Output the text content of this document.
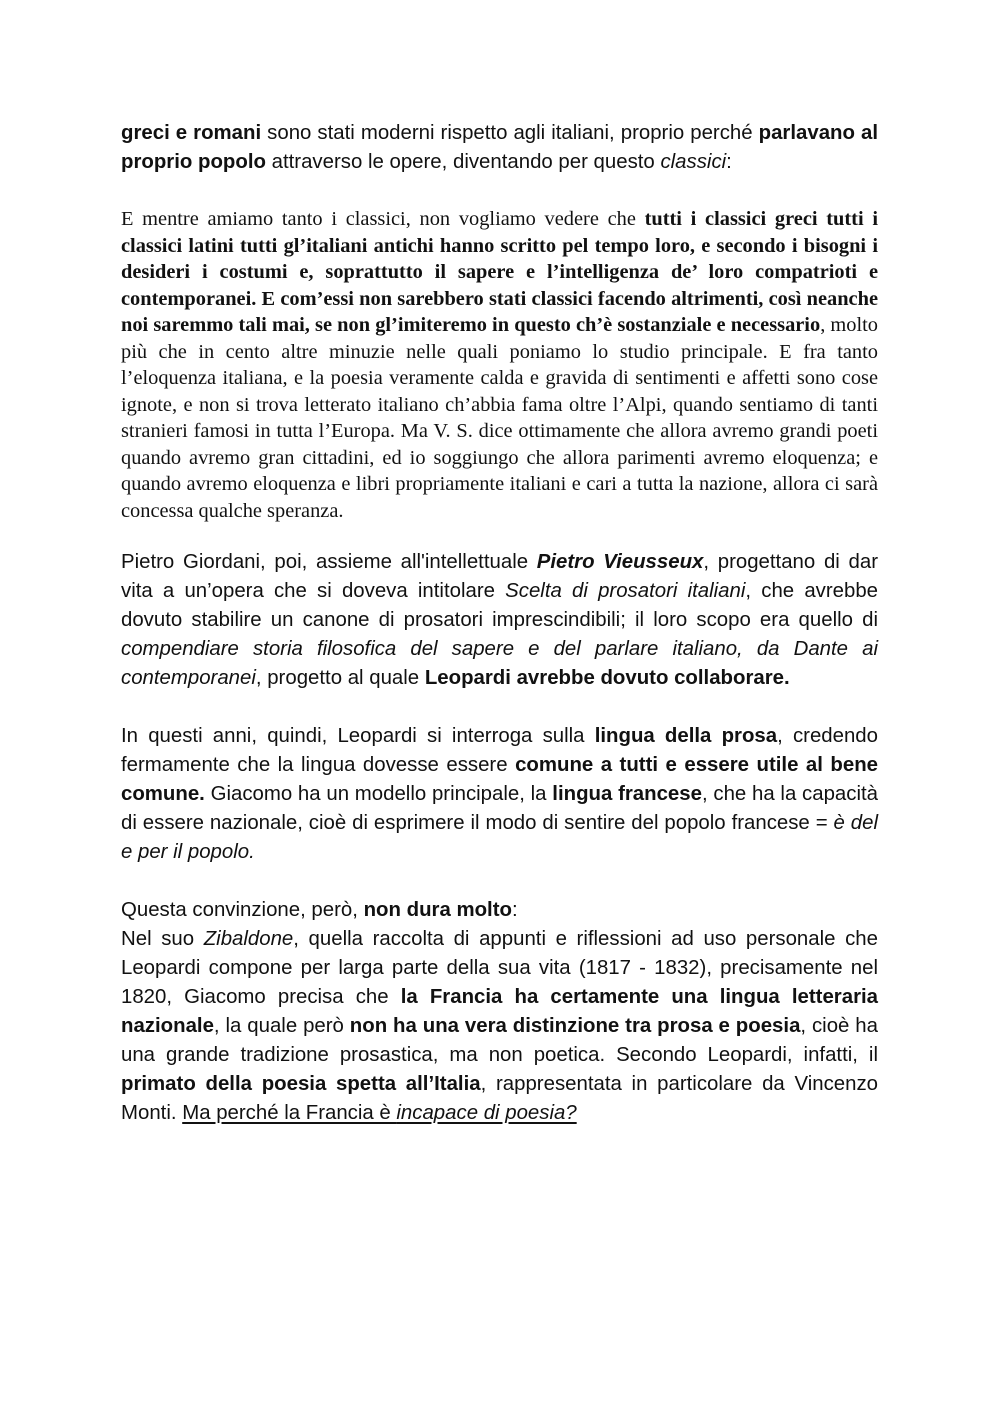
greci e romani sono stati moderni rispetto agli italiani, proprio perché parlavano al proprio popolo attraverso le opere, diventando per questo classici:

E mentre amiamo tanto i classici, non vogliamo vedere che tutti i classici greci tutti i classici latini tutti gl’italiani antichi hanno scritto pel tempo loro, e secondo i bisogni i desideri i costumi e, soprattutto il sapere e l’intelligenza de’ loro compatrioti e contemporanei. E com’essi non sarebbero stati classici facendo altrimenti, così neanche noi saremmo tali mai, se non gl’imiteremo in questo ch’è sostanziale e necessario, molto più che in cento altre minuzie nelle quali poniamo lo studio principale. E fra tanto l’eloquenza italiana, e la poesia veramente calda e gravida di sentimenti e affetti sono cose ignote, e non si trova letterato italiano ch’abbia fama oltre l’Alpi, quando sentiamo di tanti stranieri famosi in tutta l’Europa. Ma V. S. dice ottimamente che allora avremo grandi poeti quando avremo gran cittadini, ed io soggiungo che allora parimenti avremo eloquenza; e quando avremo eloquenza e libri propriamente italiani e cari a tutta la nazione, allora ci sarà concessa qualche speranza.

Pietro Giordani, poi, assieme all'intellettuale Pietro Vieusseux, progettano di dar vita a un’opera che si doveva intitolare Scelta di prosatori italiani, che avrebbe dovuto stabilire un canone di prosatori imprescindibili; il loro scopo era quello di compendiare storia filosofica del sapere e del parlare italiano, da Dante ai contemporanei, progetto al quale Leopardi avrebbe dovuto collaborare.

In questi anni, quindi, Leopardi si interroga sulla lingua della prosa, credendo fermamente che la lingua dovesse essere comune a tutti e essere utile al bene comune. Giacomo ha un modello principale, la lingua francese, che ha la capacità di essere nazionale, cioè di esprimere il modo di sentire del popolo francese = è del e per il popolo.

Questa convinzione, però, non dura molto:

Nel suo Zibaldone, quella raccolta di appunti e riflessioni ad uso personale che Leopardi compone per larga parte della sua vita (1817 - 1832), precisamente nel 1820, Giacomo precisa che la Francia ha certamente una lingua letteraria nazionale, la quale però non ha una vera distinzione tra prosa e poesia, cioè ha una grande tradizione prosastica, ma non poetica. Secondo Leopardi, infatti, il primato della poesia spetta all’Italia, rappresentata in particolare da Vincenzo Monti. Ma perché la Francia è incapace di poesia?
